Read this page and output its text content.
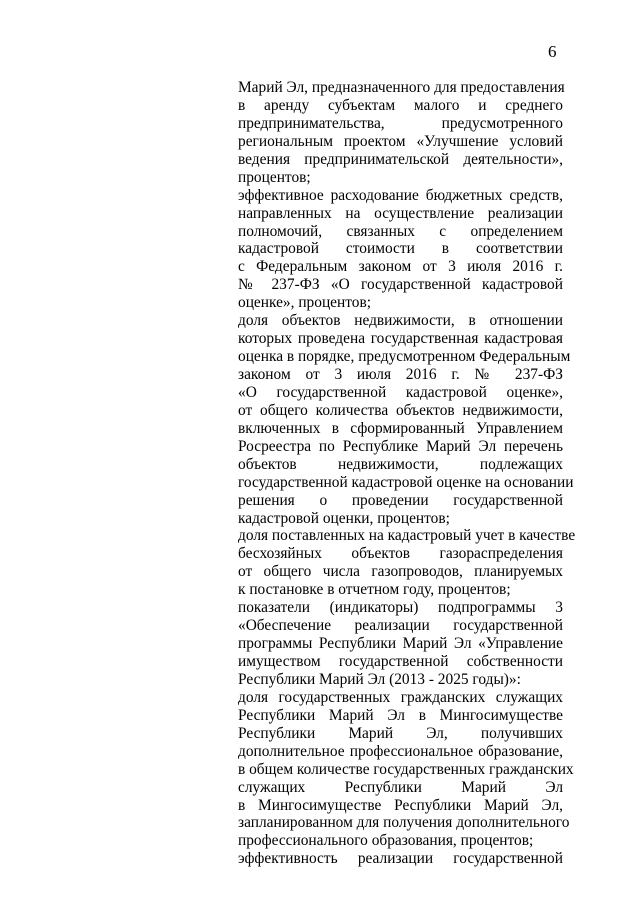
6
Марий Эл, предназначенного для предоставления
в аренду субъектам малого и среднего
предпринимательства, предусмотренного
региональным проектом «Улучшение условий
ведения предпринимательской деятельности»,
процентов;
эффективное расходование бюджетных средств,
направленных на осуществление реализации
полномочий, связанных с определением
кадастровой стоимости в соответствии
с Федеральным законом от 3 июля 2016 г.
№ 237-ФЗ «О государственной кадастровой
оценке», процентов;
доля объектов недвижимости, в отношении
которых проведена государственная кадастровая
оценка в порядке, предусмотренном Федеральным
законом от 3 июля 2016 г. № 237-ФЗ
«О государственной кадастровой оценке»,
от общего количества объектов недвижимости,
включенных в сформированный Управлением
Росреестра по Республике Марий Эл перечень
объектов недвижимости, подлежащих
государственной кадастровой оценке на основании
решения о проведении государственной
кадастровой оценки, процентов;
доля поставленных на кадастровый учет в качестве
бесхозяйных объектов газораспределения
от общего числа газопроводов, планируемых
к постановке в отчетном году, процентов;
показатели (индикаторы) подпрограммы 3
«Обеспечение реализации государственной
программы Республики Марий Эл «Управление
имуществом государственной собственности
Республики Марий Эл (2013 - 2025 годы)»:
доля государственных гражданских служащих
Республики Марий Эл в Мингосимуществе
Республики Марий Эл, получивших
дополнительное профессиональное образование,
в общем количестве государственных гражданских
служащих Республики Марий Эл
в Мингосимуществе Республики Марий Эл,
запланированном для получения дополнительного
профессионального образования, процентов;
эффективность реализации государственной
